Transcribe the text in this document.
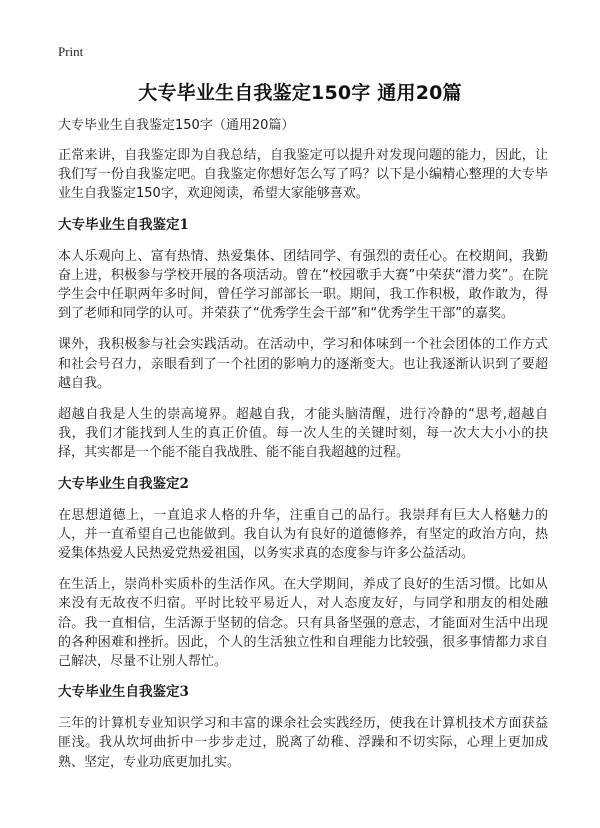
Print
大专毕业生自我鉴定150字 通用20篇
大专毕业生自我鉴定150字（通用20篇）

正常来讲，自我鉴定即为自我总结，自我鉴定可以提升对发现问题的能力，因此，让我们写一份自我鉴定吧。自我鉴定你想好怎么写了吗？以下是小编精心整理的大专毕业生自我鉴定150字，欢迎阅读，希望大家能够喜欢。

大专毕业生自我鉴定1

本人乐观向上、富有热情、热爱集体、团结同学、有强烈的责任心。在校期间，我勤奋上进，积极参与学校开展的各项活动。曾在“校园歌手大赛”中荣获“潜力奖”。在院学生会中任职两年多时间，曾任学习部部长一职。期间，我工作积极，敢作敢为，得到了老师和同学的认可。并荣获了“优秀学生会干部”和“优秀学生干部”的嘉奖。

课外，我积极参与社会实践活动。在活动中，学习和体味到一个社会团体的工作方式和社会号召力，亲眼看到了一个社团的影响力的逐渐变大。也让我逐渐认识到了要超越自我。

超越自我是人生的崇高境界。超越自我，才能头脑清醒，进行冷静的“思考,超越自我，我们才能找到人生的真正价值。每一次人生的关键时刻，每一次大大小小的抉择，其实都是一个能不能自我战胜、能不能自我超越的过程。

大专毕业生自我鉴定2

在思想道德上，一直追求人格的升华，注重自己的品行。我崇拜有巨大人格魅力的人，并一直希望自己也能做到。我自认为有良好的道德修养，有坚定的政治方向，热爱集体热爱人民热爱党热爱祖国，以务实求真的态度参与许多公益活动。

在生活上，崇尚朴实质朴的生活作风。在大学期间，养成了良好的生活习惯。比如从来没有无故夜不归宿。平时比较平易近人，对人态度友好，与同学和朋友的相处融洽。我一直相信，生活源于坚韧的信念。只有具备坚强的意志，才能面对生活中出现的各种困难和挫折。因此，个人的生活独立性和自理能力比较强，很多事情都力求自己解决，尽量不让别人帮忙。

大专毕业生自我鉴定3

三年的计算机专业知识学习和丰富的课余社会实践经历，使我在计算机技术方面获益匪浅。我从坎坷曲折中一步步走过，脱离了幼稚、浮躁和不切实际，心理上更加成熟、坚定，专业功底更加扎实。
